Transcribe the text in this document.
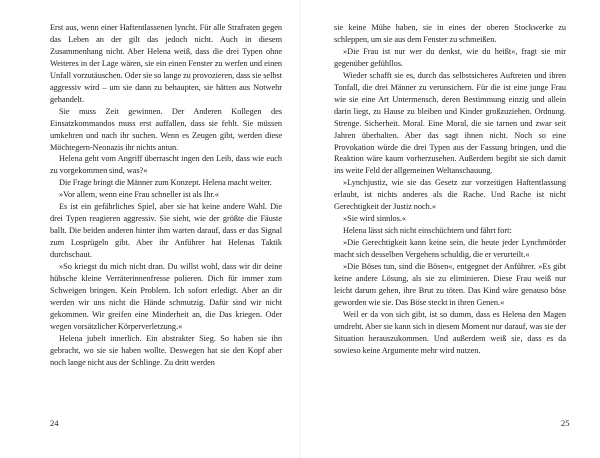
Erst aus, wenn einer Haftentlassenen lyncht. Für alle Strafraten gegen das Leben an der gilt das jedoch nicht. Auch in diesem Zusammenhang nicht. Aber Helena weiß, dass die drei Typen ohne Weiteres in der Lage wären, sie ein einen Fenster zu werfen und einen Unfall vorzutäuschen. Oder sie so lange zu provozieren, dass sie selbst aggressiv wird – um sie dann zu behaupten, sie hätten aus Notwehr gehandelt.

Sie muss Zeit gewinnen. Der Anderen Kollegen des Einsatzkommandos muss erst auffallen, dass sie fehlt. Sie müssen umkehren und nach ihr suchen. Wenn es Zeugen gibt, werden diese Möchtegern-Neonazis ihr nichts antun.

Helena geht vom Angriff überrascht ingen den Leib, dass wie euch zu vorgekommen sind, was?«

Die Frage bringt die Männer zum Konzept. Helena macht weiter.

»Vor allem, wenn eine Frau schneller ist als Ihr.«

Es ist ein gefährliches Spiel, aber sie hat keine andere Wahl. Die drei Typen reagieren aggressiv. Sie sieht, wie der größte die Fäuste ballt. Die beiden anderen hinter ihm warten darauf, dass er das Signal zum Losprügeln gibt. Aber ihr Anführer hat Helenas Taktik durchschaut.

»So kriegst du mich nicht dran. Du willst wohl, dass wir dir deine hübsche kleine Verräterinnenfresse polieren. Dich für immer zum Schweigen bringen. Kein Problem. Ich sofort erledigt. Aber an dir werden wir uns nicht die Hände schmutzig. Dafür sind wir nicht gekommen. Wir greifen eine Minderheit an, die Das kriegen. Oder wegen vorsätzlicher Körperverletzung.«

Helena jubelt innerlich. Ein abstrakter Sieg. So haben sie ihn gebracht, wo sie sie haben wollte. Deswegen hat sie den Kopf aber noch lange nicht aus der Schlinge. Zu dritt werden

24

sie keine Mühe haben, sie in eines der oberen Stockwerke zu schleppen, um sie aus dem Fenster zu schmeißen.

»Die Frau ist nur wer du denkst, wie du heißt«, fragt sie mir gegenüber gefühllos.

Wieder schafft sie es, durch das selbstsicheres Auftreten und ihren Tonfall, die drei Männer zu verunsichern. Für die ist eine junge Frau wie sie eine Art Untermensch, deren Bestimmung einzig und allein darin liegt, zu Hause zu bleiben und Kinder großzuziehen. Ordnung. Strenge. Sicherheit. Moral. Eine Moral, die sie tarnen und zwar seit Jahren überhalten. Aber das sagt ihnen nicht. Noch so eine Provokation würde die drei Typen aus der Fassung bringen, und die Reaktion wäre kaum vorherzusehen. Außerdem begibt sie sich damit ins weite Feld der allgemeinen Weltanschauung.

»Lynchjustiz, wie sie das Gesetz zur vorzeitigen Haftentlassung erlaubt, ist nichts anderes als die Rache. Und Rache ist nicht Gerechtigkeit der Justiz noch.«

»Sie wird sinnlos.«

Helena lässt sich nicht einschüchtern und fährt fort:

»Die Gerechtigkeit kann keine sein, die heute jeder Lynchmörder macht sich desselben Vergehens schuldig, die er verurteilt.«

»Die Böses tun, sind die Bösen«, entgegnet der Anführer. »Es gibt keine andere Lösung, als sie zu eliminieren. Diese Frau weiß nur leicht darum gehen, ihre Brut zu töten. Das Kind wäre genauso böse geworden wie sie. Das Böse steckt in ihren Genen.«

Weil er da von sich gibt, ist so dumm, dass es Helena den Magen umdreht. Aber sie kann sich in diesem Moment nur darauf, was sie der Situation herauszukommen. Und außerdem weiß sie, dass es da sowieso keine Argumente mehr wird nutzen.

25
